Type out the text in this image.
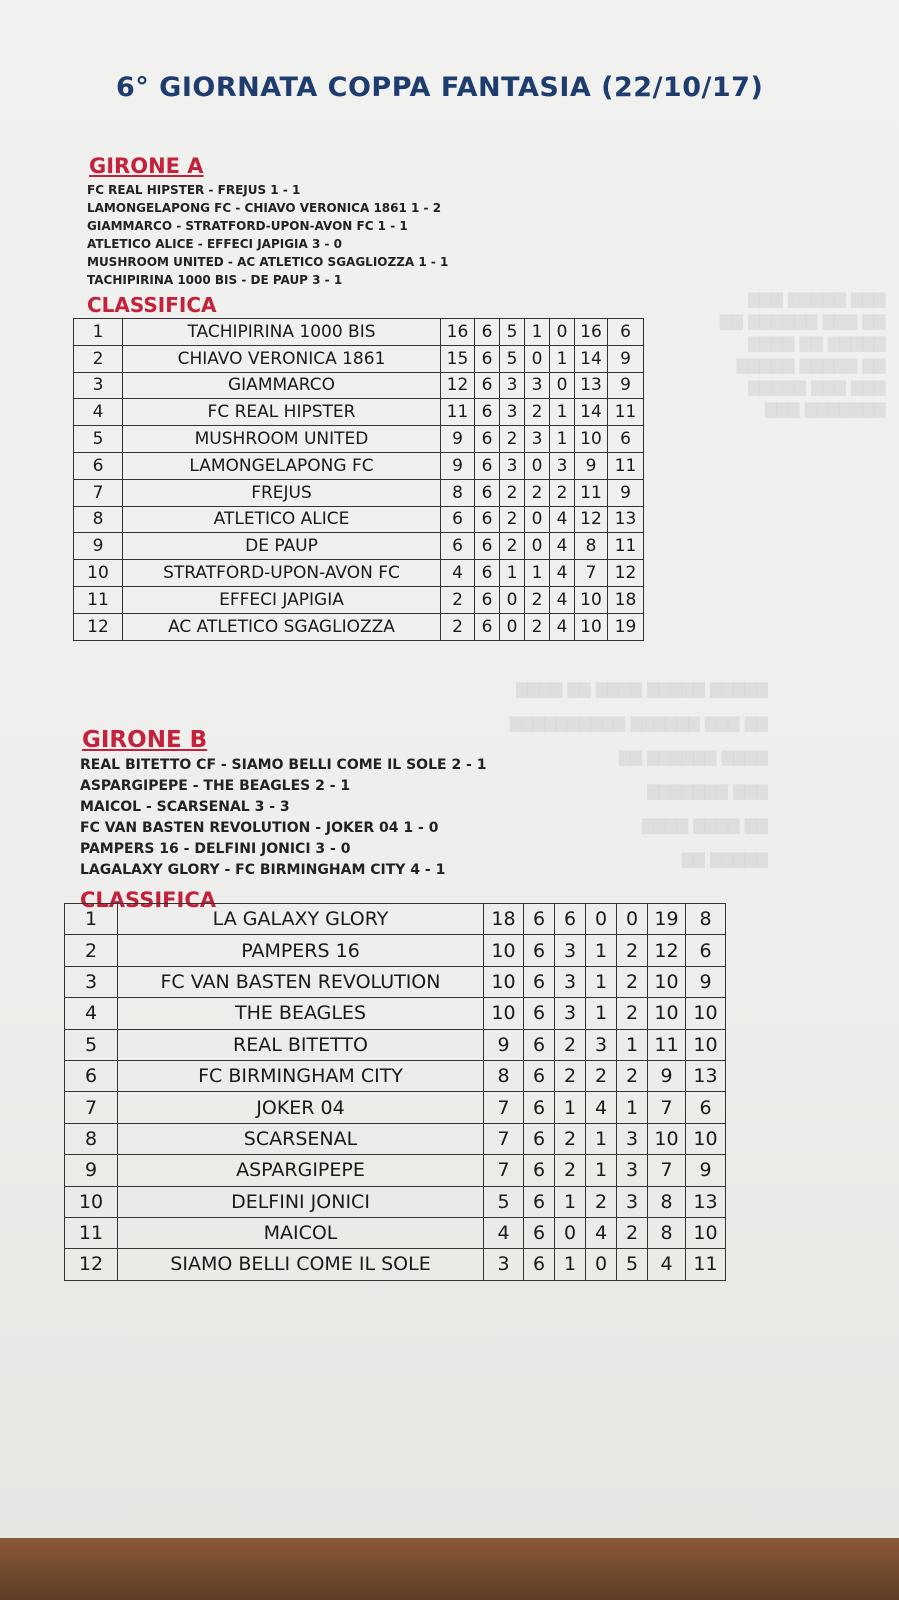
▇▇▇ ▇▇▇▇▇ ▇▇▇
▇▇ ▇▇▇ ▇▇▇▇▇▇ ▇▇
▇▇▇▇▇ ▇▇ ▇▇▇▇
▇▇ ▇▇▇▇▇ ▇▇▇▇▇
▇▇▇ ▇▇▇ ▇▇▇▇▇
▇▇▇▇▇▇▇ ▇▇▇
▇▇▇▇▇ ▇▇▇▇▇ ▇▇▇▇ ▇▇ ▇▇▇▇
▇▇ ▇▇▇ ▇▇▇▇▇▇ ▇▇▇▇▇▇▇▇▇▇
▇▇▇▇ ▇▇▇▇▇▇ ▇▇
▇▇▇ ▇▇▇▇▇▇▇
▇▇ ▇▇▇▇ ▇▇▇▇
▇▇▇▇▇ ▇▇
6° GIORNATA COPPA FANTASIA (22/10/17)
GIRONE A
FC REAL HIPSTER - FREJUS 1 - 1
LAMONGELAPONG FC - CHIAVO VERONICA 1861 1 - 2
GIAMMARCO - STRATFORD-UPON-AVON FC 1 - 1
ATLETICO ALICE - EFFECI JAPIGIA 3 - 0
MUSHROOM UNITED - AC ATLETICO SGAGLIOZZA 1 - 1
TACHIPIRINA 1000 BIS - DE PAUP 3 - 1
CLASSIFICA
1	TACHIPIRINA 1000 BIS	16	6	5	1	0	16	6
2	CHIAVO VERONICA 1861	15	6	5	0	1	14	9
3	GIAMMARCO	12	6	3	3	0	13	9
4	FC REAL HIPSTER	11	6	3	2	1	14	11
5	MUSHROOM UNITED	9	6	2	3	1	10	6
6	LAMONGELAPONG FC	9	6	3	0	3	9	11
7	FREJUS	8	6	2	2	2	11	9
8	ATLETICO ALICE	6	6	2	0	4	12	13
9	DE PAUP	6	6	2	0	4	8	11
10	STRATFORD-UPON-AVON FC	4	6	1	1	4	7	12
11	EFFECI JAPIGIA	2	6	0	2	4	10	18
12	AC ATLETICO SGAGLIOZZA	2	6	0	2	4	10	19
GIRONE B
REAL BITETTO CF - SIAMO BELLI COME IL SOLE 2 - 1
ASPARGIPEPE - THE BEAGLES 2 - 1
MAICOL - SCARSENAL 3 - 3
FC VAN BASTEN REVOLUTION - JOKER 04 1 - 0
PAMPERS 16 - DELFINI JONICI 3 - 0
LAGALAXY GLORY - FC BIRMINGHAM CITY 4 - 1
CLASSIFICA
1	LA GALAXY GLORY	18	6	6	0	0	19	8
2	PAMPERS 16	10	6	3	1	2	12	6
3	FC VAN BASTEN REVOLUTION	10	6	3	1	2	10	9
4	THE BEAGLES	10	6	3	1	2	10	10
5	REAL BITETTO	9	6	2	3	1	11	10
6	FC BIRMINGHAM CITY	8	6	2	2	2	9	13
7	JOKER 04	7	6	1	4	1	7	6
8	SCARSENAL	7	6	2	1	3	10	10
9	ASPARGIPEPE	7	6	2	1	3	7	9
10	DELFINI JONICI	5	6	1	2	3	8	13
11	MAICOL	4	6	0	4	2	8	10
12	SIAMO BELLI COME IL SOLE	3	6	1	0	5	4	11
